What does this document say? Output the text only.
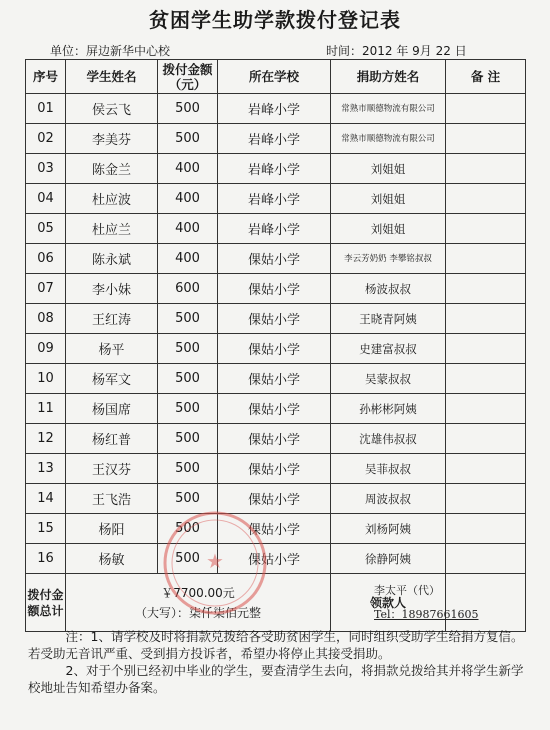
贫困学生助学款拨付登记表
单位：屏边新华中心校	时间：2012 年 9月 22 日
序号	学生姓名	拨付金额（元）	所在学校	捐助方姓名	备 注
01	侯云飞	500	岩峰小学	常熟市顺德物流有限公司	
02	李美芬	500	岩峰小学	常熟市顺德物流有限公司	
03	陈金兰	400	岩峰小学	刘姐姐	
04	杜应波	400	岩峰小学	刘姐姐	
05	杜应兰	400	岩峰小学	刘姐姐	
06	陈永斌	400	倮姑小学	李云芳奶奶 李攀铭叔叔	
07	李小妹	600	倮姑小学	杨波叔叔	
08	王红涛	500	倮姑小学	王晓青阿姨	
09	杨平	500	倮姑小学	史建富叔叔	
10	杨军文	500	倮姑小学	吴蒙叔叔	
11	杨国席	500	倮姑小学	孙彬彬阿姨	
12	杨红普	500	倮姑小学	沈雄伟叔叔	
13	王汉芬	500	倮姑小学	吴菲叔叔	
14	王飞浩	500	倮姑小学	周波叔叔	
15	杨阳	500	倮姑小学	刘杨阿姨	
16	杨敏	500	倮姑小学	徐静阿姨	
拨付金额总计	￥7700.00元
（大写）：柒仟柒佰元整			领款人	
李太平（代）
Tel：18987661605
★

注：1、请学校及时将捐款兑拨给各受助贫困学生，同时组织受助学生给捐方复信。若受助无音讯严重、受到捐方投诉者，希望办将停止其接受捐助。

2、对于个别已经初中毕业的学生，要查清学生去向，将捐款兑拨给其并将学生新学校地址告知希望办备案。
